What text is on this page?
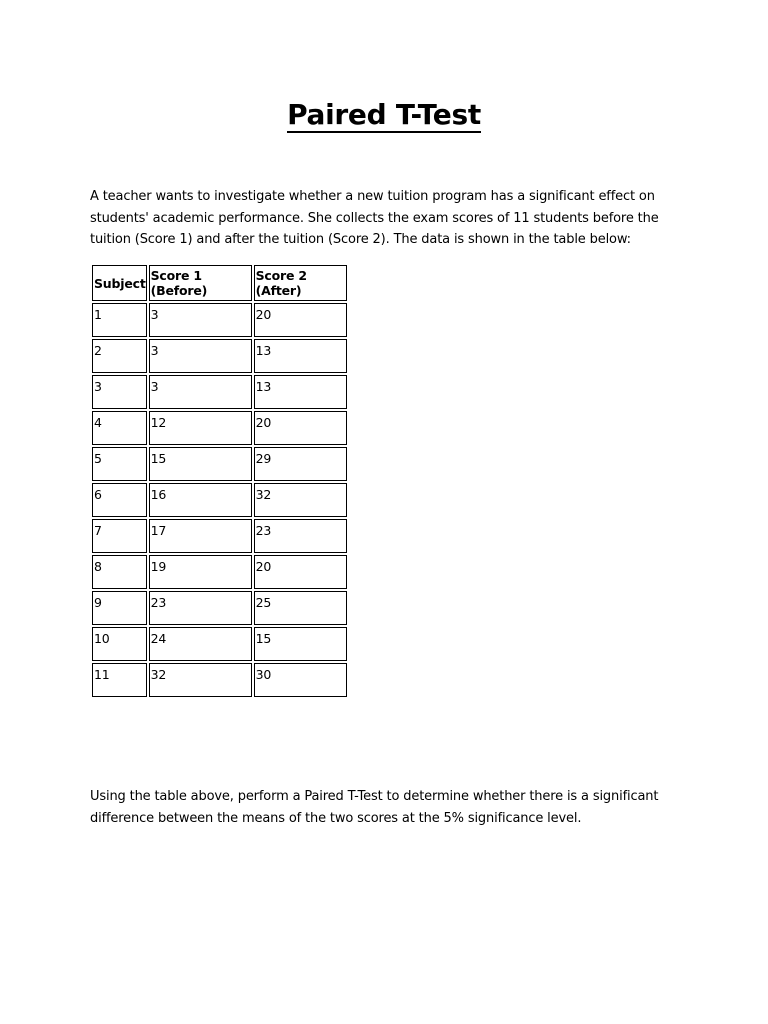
Paired T-Test
A teacher wants to investigate whether a new tuition program has a significant effect on students' academic performance. She collects the exam scores of 11 students before the tuition (Score 1) and after the tuition (Score 2). The data is shown in the table below:
Subject	Score 1 (Before)	Score 2 (After)
1	3	20
2	3	13
3	3	13
4	12	20
5	15	29
6	16	32
7	17	23
8	19	20
9	23	25
10	24	15
11	32	30
Using the table above, perform a Paired T-Test to determine whether there is a significant difference between the means of the two scores at the 5% significance level.
